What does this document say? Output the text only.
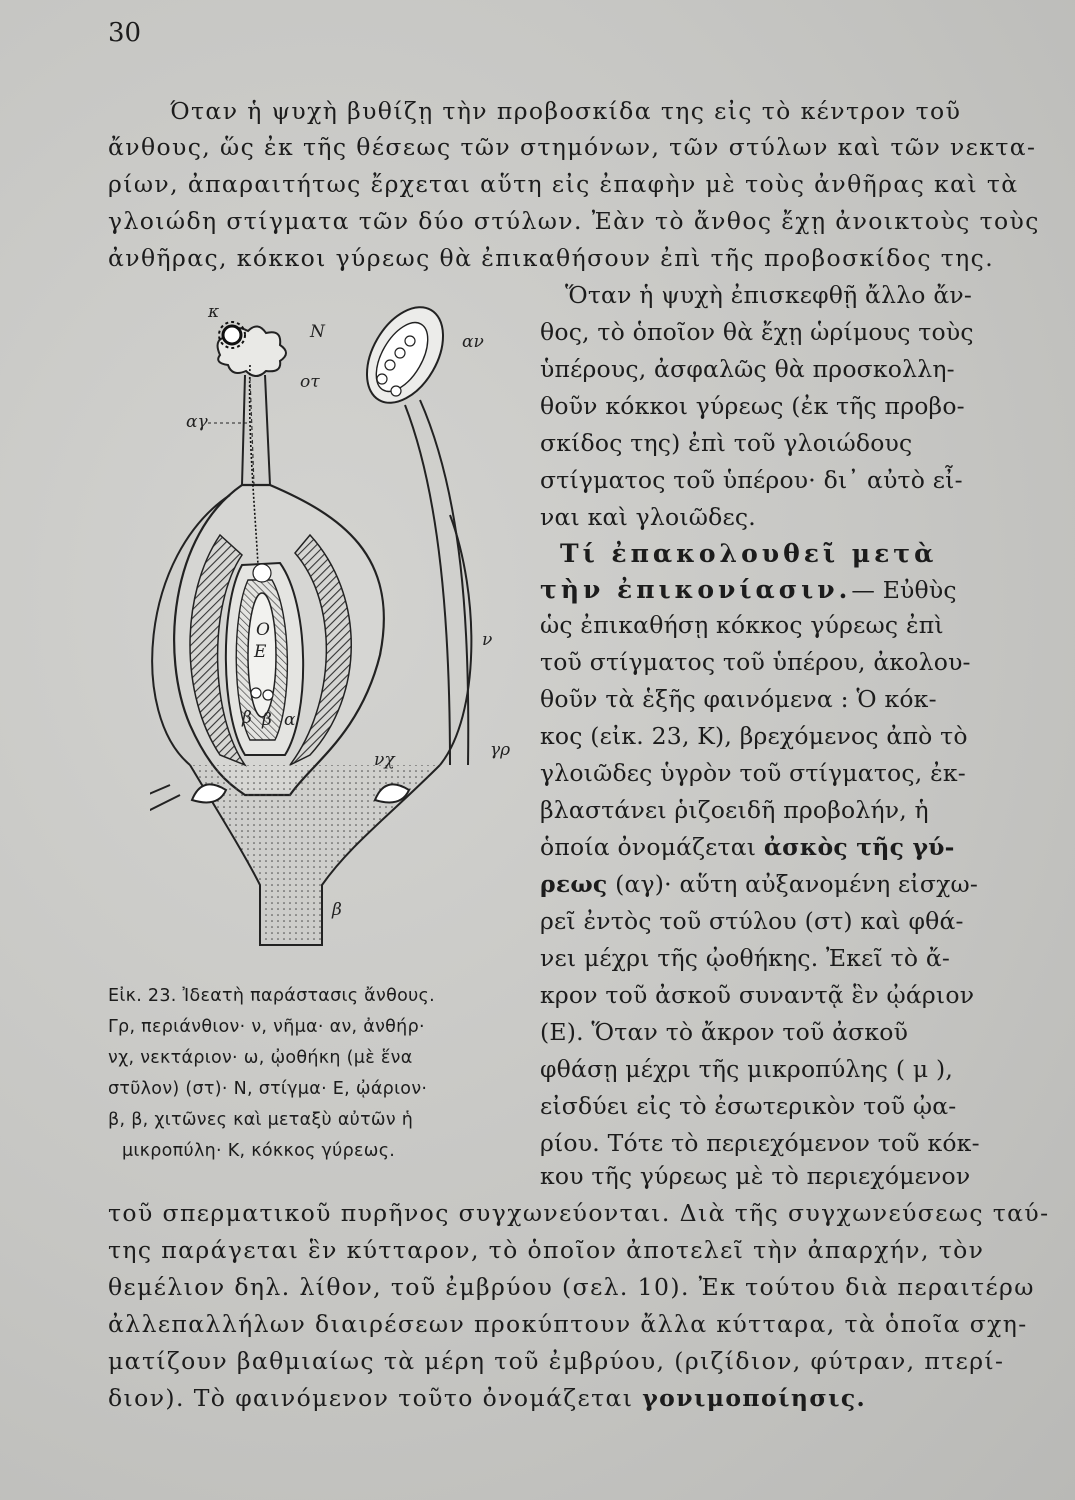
30
Όταν ἡ ψυχὴ βυθίζῃ τὴν προβοσκίδα της εἰς τὸ κέντρον τοῦ
ἄνθους, ὥς ἐκ τῆς θέσεως τῶν στημόνων, τῶν στύλων καὶ τῶν νεκτα-
ρίων, ἀπαραιτήτως ἔρχεται αὕτη εἰς ἐπαφὴν μὲ τοὺς ἀνθῆρας καὶ τὰ
γλοιώδη στίγματα τῶν δύο στύλων. Ἐὰν τὸ ἄνθος ἔχῃ ἀνοικτοὺς τοὺς
ἀνθῆρας, κόκκοι γύρεως θὰ ἐπικαθήσουν ἐπὶ τῆς προβοσκίδος της.
Ὅταν ἡ ψυχὴ ἐπισκεφθῇ ἄλλο ἄν-
θος, τὸ ὁποῖον θὰ ἔχῃ ὡρίμους τοὺς
ὑπέρους, ἀσφαλῶς θὰ προσκολλη-
θοῦν κόκκοι γύρεως (ἐκ τῆς προβο-
σκίδος της) ἐπὶ τοῦ γλοιώδους
στίγματος τοῦ ὑπέρου· δι᾽ αὐτὸ εἶ-
ναι καὶ γλοιῶδες.
Τί ἐπακολουθεῖ μετὰ
τὴν ἐπικονίασιν.— Εὐθὺς
ὡς ἐπικαθήσῃ κόκκος γύρεως ἐπὶ
τοῦ στίγματος τοῦ ὑπέρου, ἀκολου-
θοῦν τὰ ἑξῆς φαινόμενα : Ὁ κόκ-
κος (εἰκ. 23, Κ), βρεχόμενος ἀπὸ τὸ
γλοιῶδες ὑγρὸν τοῦ στίγματος, ἐκ-
βλαστάνει ῥιζοειδῆ προβολήν, ἡ
ὁποία ὀνομάζεται ἀσκὸς τῆς γύ-
ρεως (αγ)· αὕτη αὐξανομένη εἰσχω-
ρεῖ ἐντὸς τοῦ στύλου (στ) καὶ φθά-
νει μέχρι τῆς ᾠοθήκης. Ἐκεῖ τὸ ἄ-
κρον τοῦ ἀσκοῦ συναντᾷ ἓν ᾠάριον
(Ε). Ὅταν τὸ ἄκρον τοῦ ἀσκοῦ
φθάσῃ μέχρι τῆς μικροπύλης ( μ ),
εἰσδύει εἰς τὸ ἐσωτερικὸν τοῦ ᾠα-
ρίου. Τότε τὸ περιεχόμενον τοῦ κόκ-
κου τῆς γύρεως μὲ τὸ περιεχόμενον
τοῦ σπερματικοῦ πυρῆνος συγχωνεύονται. Διὰ τῆς συγχωνεύσεως ταύ-
της παράγεται ἓν κύτταρον, τὸ ὁποῖον ἀποτελεῖ τὴν ἀπαρχήν, τὸν
θεμέλιον δηλ. λίθον, τοῦ ἐμβρύου (σελ. 10). Ἐκ τούτου διὰ περαιτέρω
ἀλλεπαλλήλων διαιρέσεων προκύπτουν ἄλλα κύτταρα, τὰ ὁποῖα σχη-
ματίζουν βαθμιαίως τὰ μέρη τοῦ ἐμβρύου, (ριζίδιον, φύτραν, πτερί-
διον). Τὸ φαινόμενον τοῦτο ὀνομάζεται γονιμοποίησις.
Εἰκ. 23. Ἰδεατὴ παράστασις ἄνθους.
Γρ, περιάνθιον· ν, νῆμα· αν, ἀνθήρ·
νχ, νεκτάριον· ω, ᾠοθήκη (μὲ ἕνα
στῦλον) (στ)· Ν, στίγμα· Ε, ᾠάριον·
β, β, χιτῶνες καὶ μεταξὺ αὐτῶν ἡ
μικροπύλη· Κ, κόκκος γύρεως.
κ
Ο
Ε
β β α
N
οτ
αγ
αν
ν
γρ
νχ
β
